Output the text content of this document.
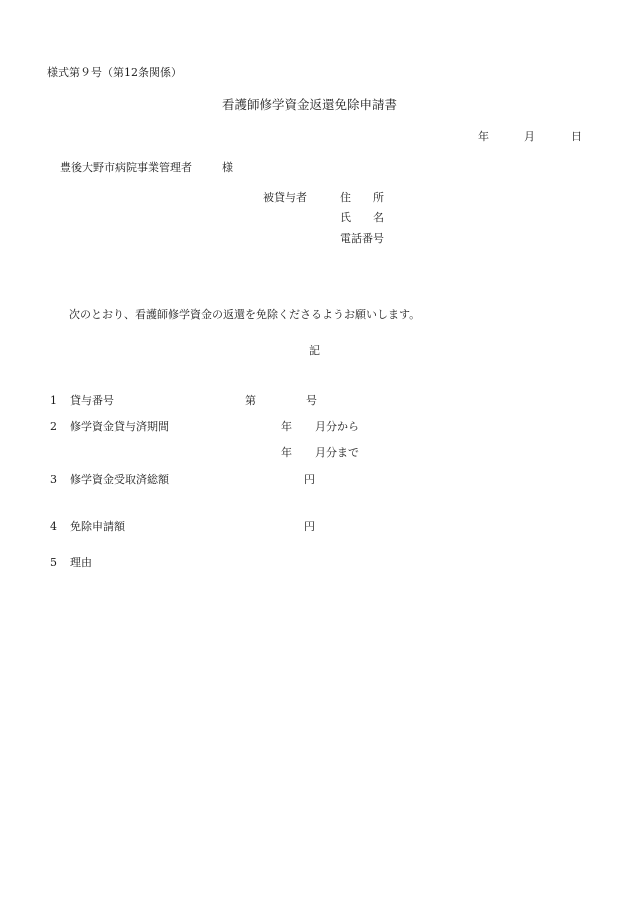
様式第９号（第12条関係）
看護師修学資金返還免除申請書
年	月	日
豊後大野市病院事業管理者	様
被貸与者	住　　所
氏　　名
電話番号
次のとおり、看護師修学資金の返還を免除くださるようお願いします。
記
1 貸与番号	第	号
2 修学資金貸与済期間	年 月分から
年 月分まで
3 修学資金受取済総額	円
4 免除申請額	円
5 理由
